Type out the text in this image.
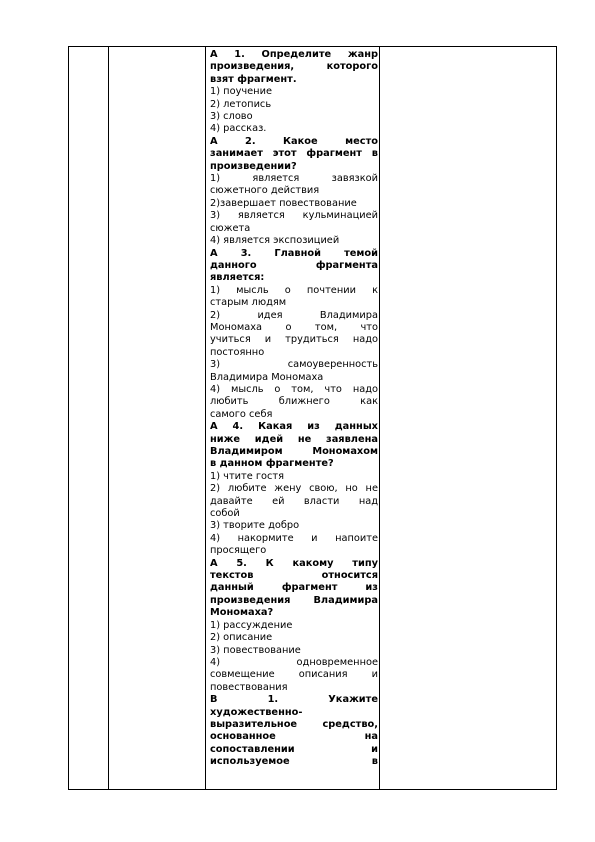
А 1. Определите жанр
произведения, которого
взят фрагмент.
1) поучение
2) летопись
3) слово
4) рассказ.
А 2. Какое место
занимает этот фрагмент в
произведении?
1) является завязкой
сюжетного действия
2)завершает повествование
3) является кульминацией
сюжета
4) является экспозицией
А 3. Главной темой
данного фрагмента
является:
1) мысль о почтении к
старым людям
2) идея Владимира
Мономаха о том, что
учиться и трудиться надо
постоянно
3) самоуверенность
Владимира Мономаха
4) мысль о том, что надо
любить ближнего как
самого себя
А 4. Какая из данных
ниже идей не заявлена
Владимиром Мономахом
в данном фрагменте?
1) чтите гостя
2) любите жену свою, но не
давайте ей власти над
собой
3) творите добро
4) накормите и напоите
просящего
А 5. К какому типу
текстов относится
данный фрагмент из
произведения Владимира
Мономаха?
1) рассуждение
2) описание
3) повествование
4) одновременное
совмещение описания и
повествования
В 1. Укажите
художественно-
выразительное средство,
основанное на
сопоставлении и
используемое в
